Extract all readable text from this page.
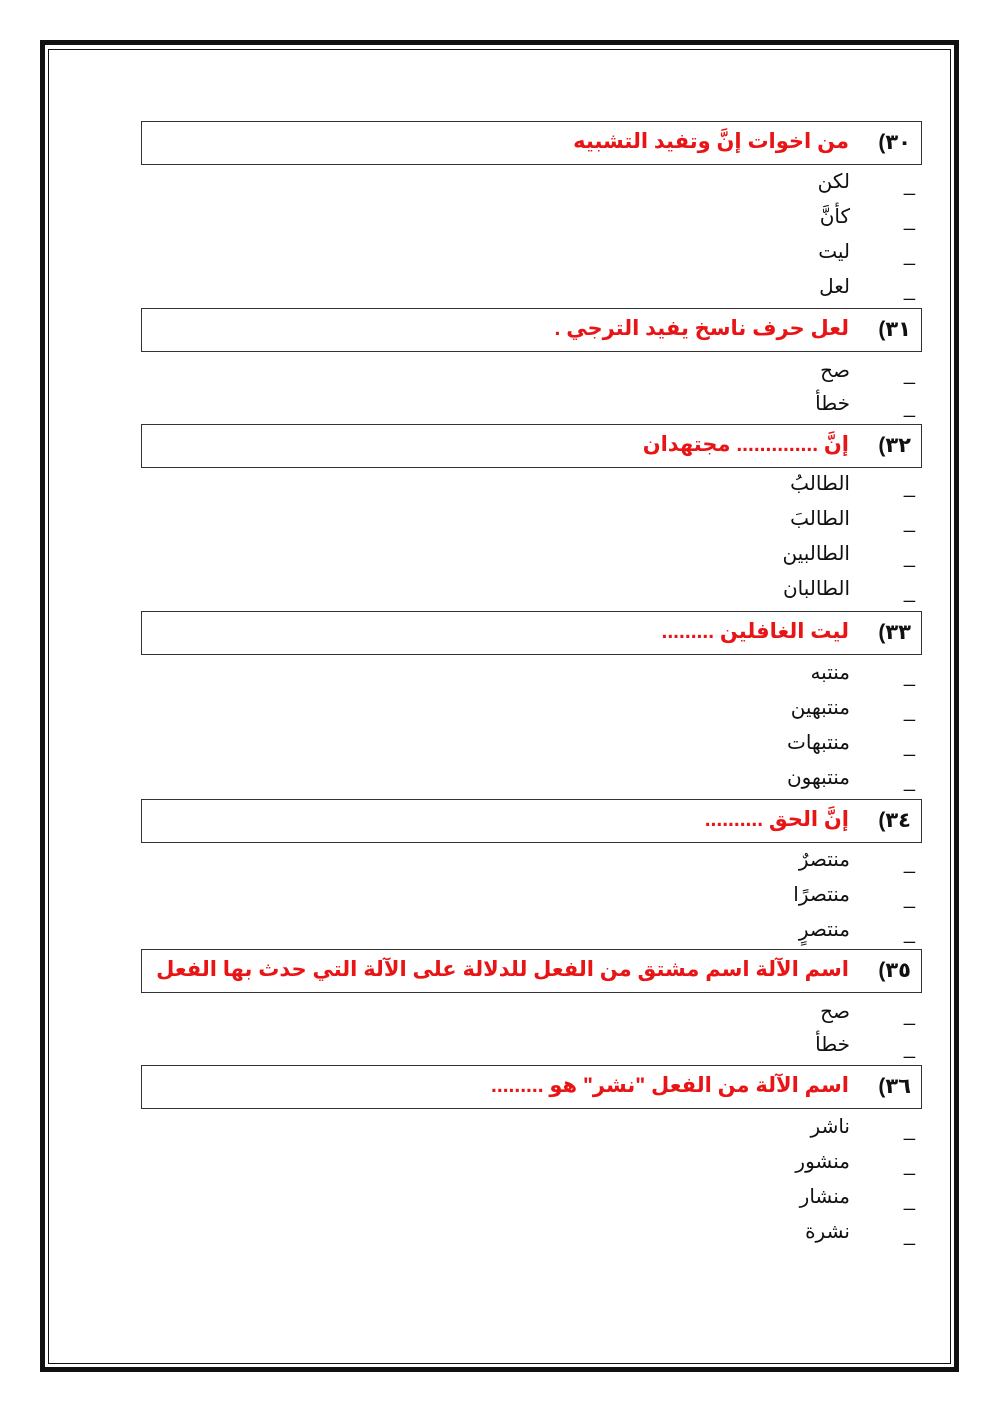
٣٠)
من اخوات إنَّ وتفيد التشبيه
_
لكن
_
كأنَّ
_
ليت
_
لعل
٣١)
لعل حرف ناسخ يفيد الترجي .
_
صح
_
خطأ
٣٢)
إنَّ .............. مجتهدان
_
الطالبُ
_
الطالبَ
_
الطالبين
_
الطالبان
٣٣)
ليت الغافلين .........
_
منتبه
_
منتبهين
_
منتبهات
_
منتبهون
٣٤)
إنَّ الحق ..........
_
منتصرٌ
_
منتصرًا
_
منتصرٍ
٣٥)
اسم الآلة اسم مشتق من الفعل للدلالة على الآلة التي حدث بها الفعل
_
صح
_
خطأ
٣٦)
اسم الآلة من الفعل "نشر" هو .........
_
ناشر
_
منشور
_
منشار
_
نشرة
